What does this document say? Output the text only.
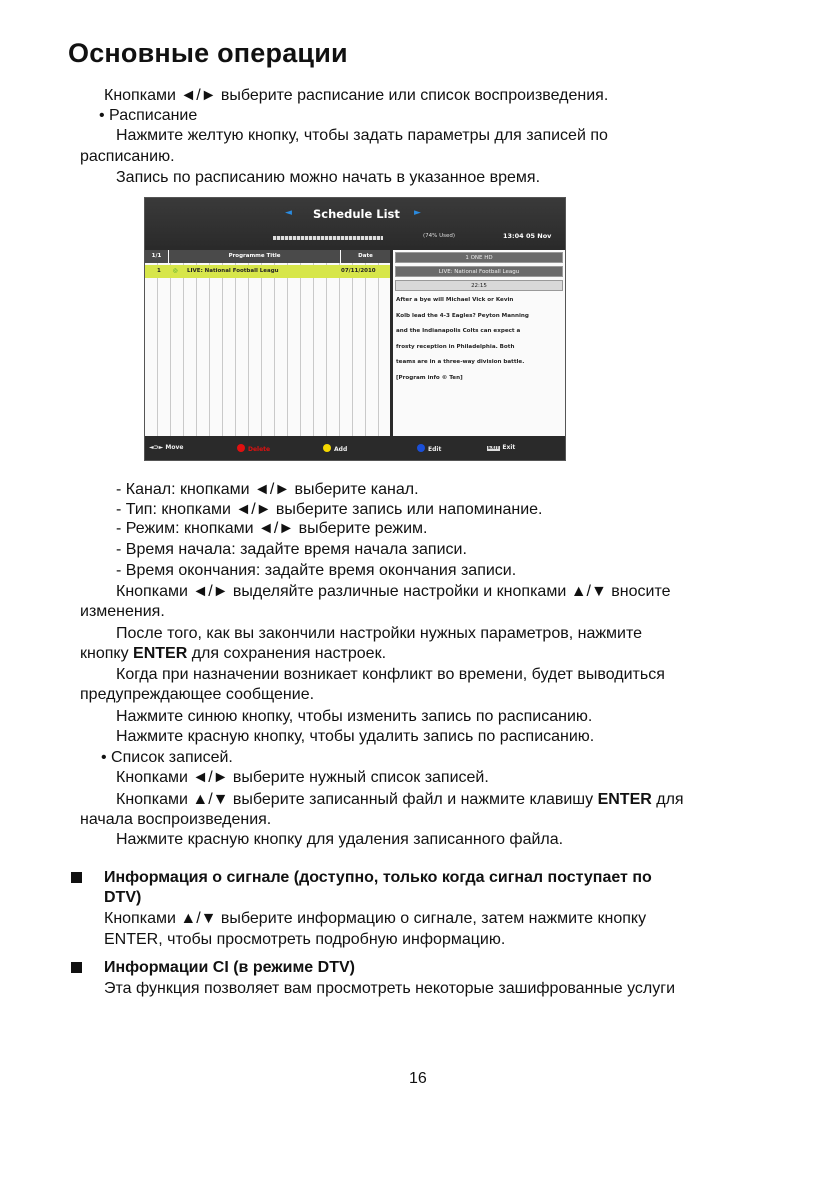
Основные операции
Кнопками ◄/► выберите расписание или список воспроизведения.
• Расписание
Нажмите желтую кнопку, чтобы задать параметры для записей по
расписанию.
Запись по расписанию можно начать в указанное время.
◄ Schedule List ►
(74% Used)	13:04 05 Nov
1/1	Programme Title	Date
1 ◎ LIVE: National Football Leagu	07/11/2010
1 ONE HD
LIVE: National Football Leagu
22:15
After a bye will Michael Vick or Kevin
Kolb lead the 4-3 Eagles? Peyton Manning
and the Indianapolis Colts can expect a
frosty reception in Philadelphia. Both
teams are in a three-way division battle.
[Program info © Ten]
◄⊃► Move	Delete	Add	Edit	EXIT Exit
- Канал: кнопками ◄/► выберите канал.
- Тип: кнопками ◄/► выберите запись или напоминание.
- Режим: кнопками ◄/► выберите режим.
- Время начала: задайте время начала записи.
- Время окончания: задайте время окончания записи.
Кнопками ◄/► выделяйте различные настройки и кнопками ▲/▼ вносите
изменения.
После того, как вы закончили настройки нужных параметров, нажмите
кнопку ENTER для сохранения настроек.
Когда при назначении возникает конфликт во времени, будет выводиться
предупреждающее сообщение.
Нажмите синюю кнопку, чтобы изменить запись по расписанию.
Нажмите красную кнопку, чтобы удалить запись по расписанию.
• Список записей.
Кнопками ◄/► выберите нужный список записей.
Кнопками ▲/▼ выберите записанный файл и нажмите клавишу ENTER для
начала воспроизведения.
Нажмите красную кнопку для удаления записанного файла.
Информация о сигнале (доступно, только когда сигнал поступает по
DTV)
Кнопками ▲/▼ выберите информацию о сигнале, затем нажмите кнопку
ENTER, чтобы просмотреть подробную информацию.
Информации CI (в режиме DTV)
Эта функция позволяет вам просмотреть некоторые зашифрованные услуги
16
